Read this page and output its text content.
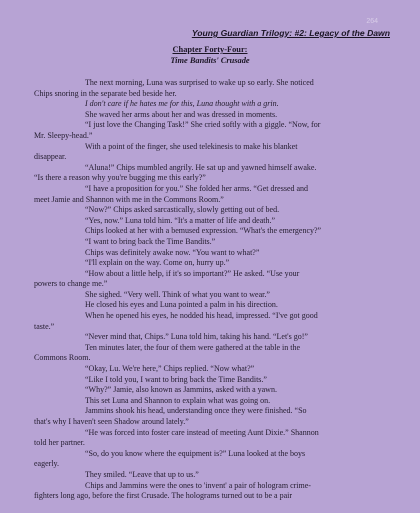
264
Young Guardian Trilogy: #2: Legacy of the Dawn
Chapter Forty-Four:
Time Bandits' Crusade

The next morning, Luna was surprised to wake up so early. She noticed

Chips snoring in the separate bed beside her.

I don't care if he hates me for this, Luna thought with a grin.

She waved her arms about her and was dressed in moments.

“I just love the Changing Task!” She cried softly with a giggle. “Now, for

Mr. Sleepy-head.”

With a point of the finger, she used telekinesis to make his blanket

disappear.

“Aluna!” Chips mumbled angrily. He sat up and yawned himself awake.

“Is there a reason why you're bugging me this early?”

“I have a proposition for you.” She folded her arms. “Get dressed and

meet Jamie and Shannon with me in the Commons Room.”

“Now?” Chips asked sarcastically, slowly getting out of bed.

“Yes, now.” Luna told him. “It's a matter of life and death.”

Chips looked at her with a bemused expression. “What's the emergency?”

“I want to bring back the Time Bandits.”

Chips was definitely awake now. “You want to what?”

“I'll explain on the way. Come on, hurry up.”

“How about a little help, if it's so important?” He asked. “Use your

powers to change me.”

She sighed. “Very well. Think of what you want to wear.”

He closed his eyes and Luna pointed a palm in his direction.

When he opened his eyes, he nodded his head, impressed. “I've got good

taste.”

“Never mind that, Chips.” Luna told him, taking his hand. “Let's go!”

Ten minutes later, the four of them were gathered at the table in the

Commons Room.

“Okay, Lu. We're here,” Chips replied. “Now what?”

“Like I told you, I want to bring back the Time Bandits.”

“Why?” Jamie, also known as Jammins, asked with a yawn.

This set Luna and Shannon to explain what was going on.

Jammins shook his head, understanding once they were finished. “So

that's why I haven't seen Shadow around lately.”

“He was forced into foster care instead of meeting Aunt Dixie.” Shannon

told her partner.

“So, do you know where the equipment is?” Luna looked at the boys

eagerly.

They smiled. “Leave that up to us.”

Chips and Jammins were the ones to 'invent' a pair of hologram crime-

fighters long ago, before the first Crusade. The holograms turned out to be a pair
